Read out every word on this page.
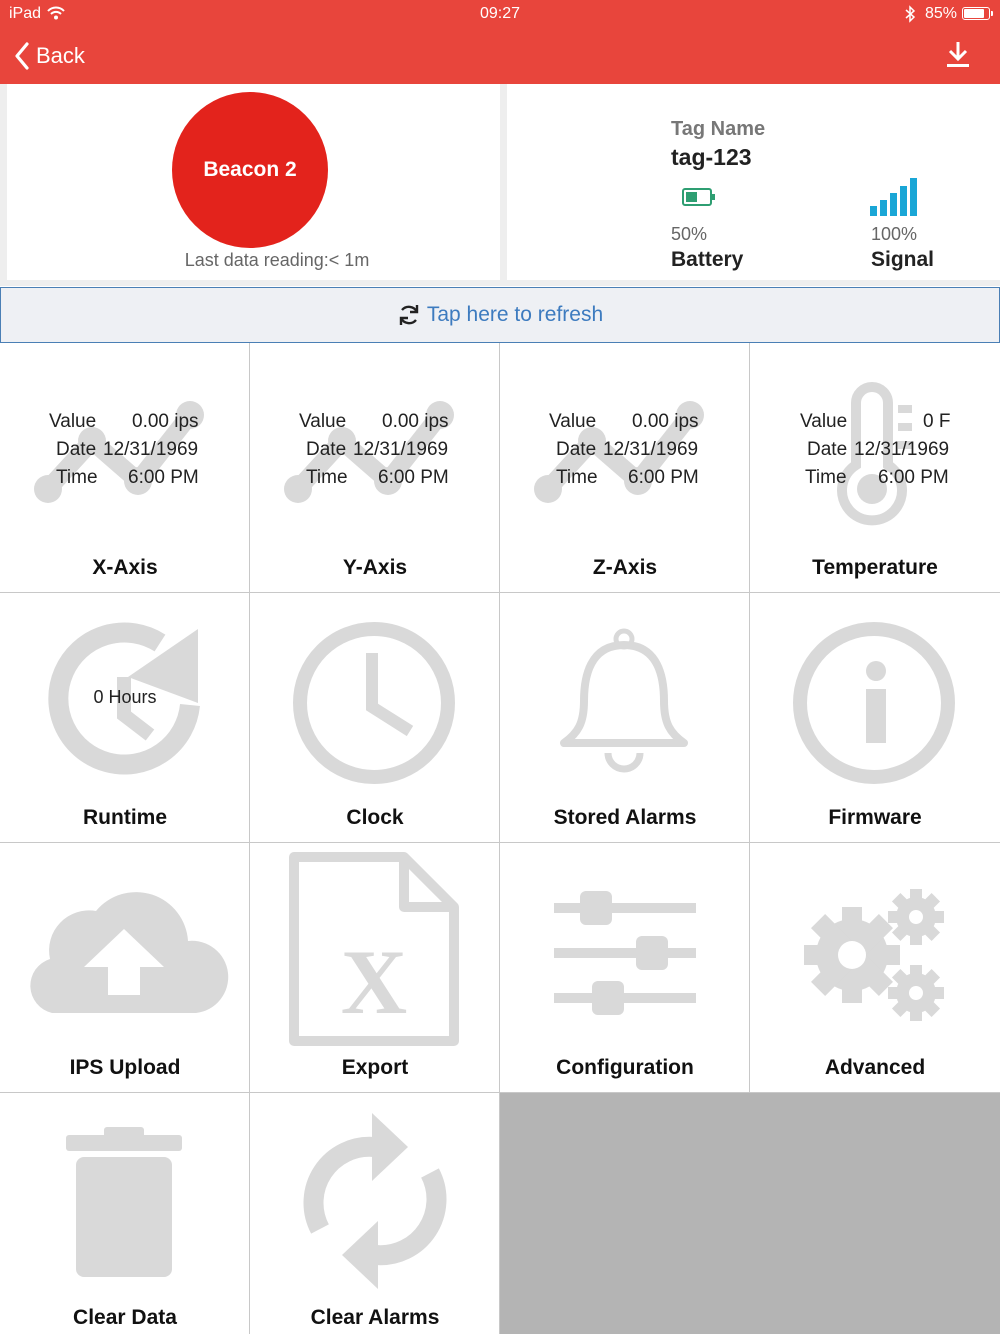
iPad	09:27	85%
Back
Beacon 2
Last data reading:< 1m
Tag Name
tag-123
50%
Battery
100%
Signal
Tap here to refresh
Value 0.00 ips
Date 12/31/1969
Time 6:00 PM
X-Axis
Value 0.00 ips
Date 12/31/1969
Time 6:00 PM
Y-Axis
Value 0.00 ips
Date 12/31/1969
Time 6:00 PM
Z-Axis
Value	0 F
Date 12/31/1969
Time 6:00 PM
Temperature
Runtime
0 Hours
Clock	Stored Alarms	Firmware
IPS Upload
X
Export	Configuration	Advanced
Clear Data	Clear Alarms
